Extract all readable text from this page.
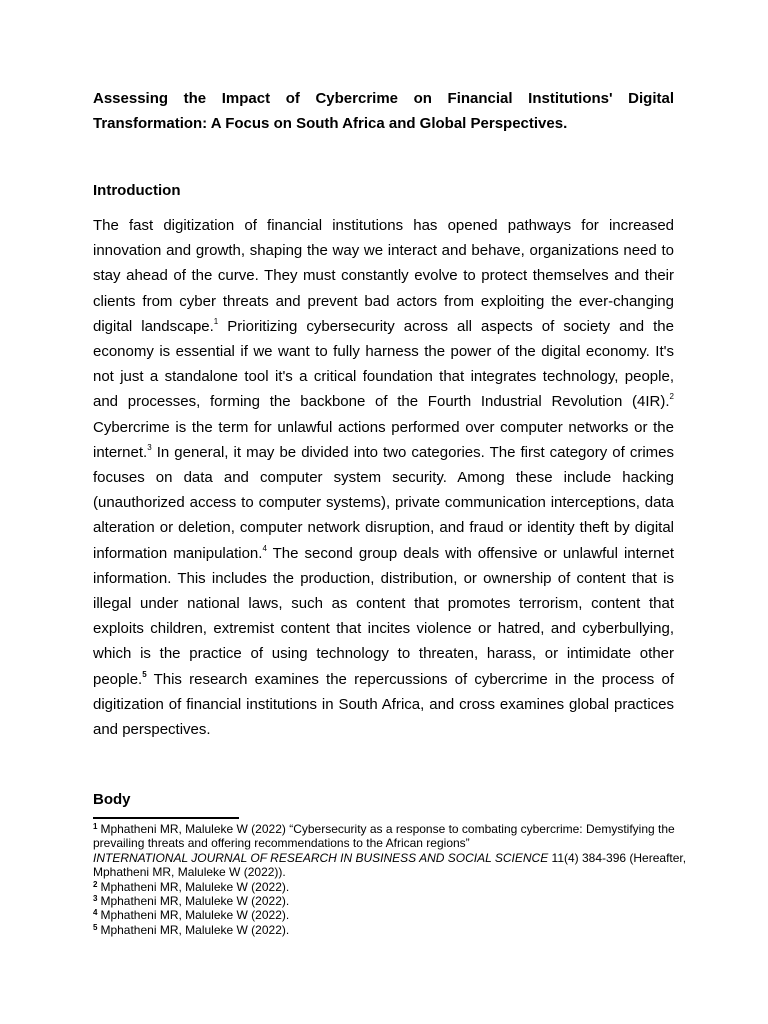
Assessing the Impact of Cybercrime on Financial Institutions' Digital Transformation: A Focus on South Africa and Global Perspectives.
Introduction

The fast digitization of financial institutions has opened pathways for increased innovation and growth, shaping the way we interact and behave, organizations need to stay ahead of the curve. They must constantly evolve to protect themselves and their clients from cyber threats and prevent bad actors from exploiting the ever-changing digital landscape.$^1$ Prioritizing cybersecurity across all aspects of society and the economy is essential if we want to fully harness the power of the digital economy. It's not just a standalone tool it's a critical foundation that integrates technology, people, and processes, forming the backbone of the Fourth Industrial Revolution (4IR).$^2$ Cybercrime is the term for unlawful actions performed over computer networks or the internet.$^3$ In general, it may be divided into two categories. The first category of crimes focuses on data and computer system security. Among these include hacking (unauthorized access to computer systems), private communication interceptions, data alteration or deletion, computer network disruption, and fraud or identity theft by digital information manipulation.$^4$ The second group deals with offensive or unlawful internet information. This includes the production, distribution, or ownership of content that is illegal under national laws, such as content that promotes terrorism, content that exploits children, extremist content that incites violence or hatred, and cyberbullying, which is the practice of using technology to threaten, harass, or intimidate other people.$^5$ This research examines the repercussions of cybercrime in the process of digitization of financial institutions in South Africa, and cross examines global practices and perspectives.

Body
$^1$ Mphatheni MR, Maluleke W (2022) “Cybersecurity as a response to combating cybercrime: Demystifying the prevailing threats and offering recommendations to the African regions”
INTERNATIONAL JOURNAL OF RESEARCH IN BUSINESS AND SOCIAL SCIENCE 11(4) 384-396 (Hereafter, Mphatheni MR, Maluleke W (2022)).
$^2$ Mphatheni MR, Maluleke W (2022).
$^3$ Mphatheni MR, Maluleke W (2022).
$^4$ Mphatheni MR, Maluleke W (2022).
$^5$ Mphatheni MR, Maluleke W (2022).
